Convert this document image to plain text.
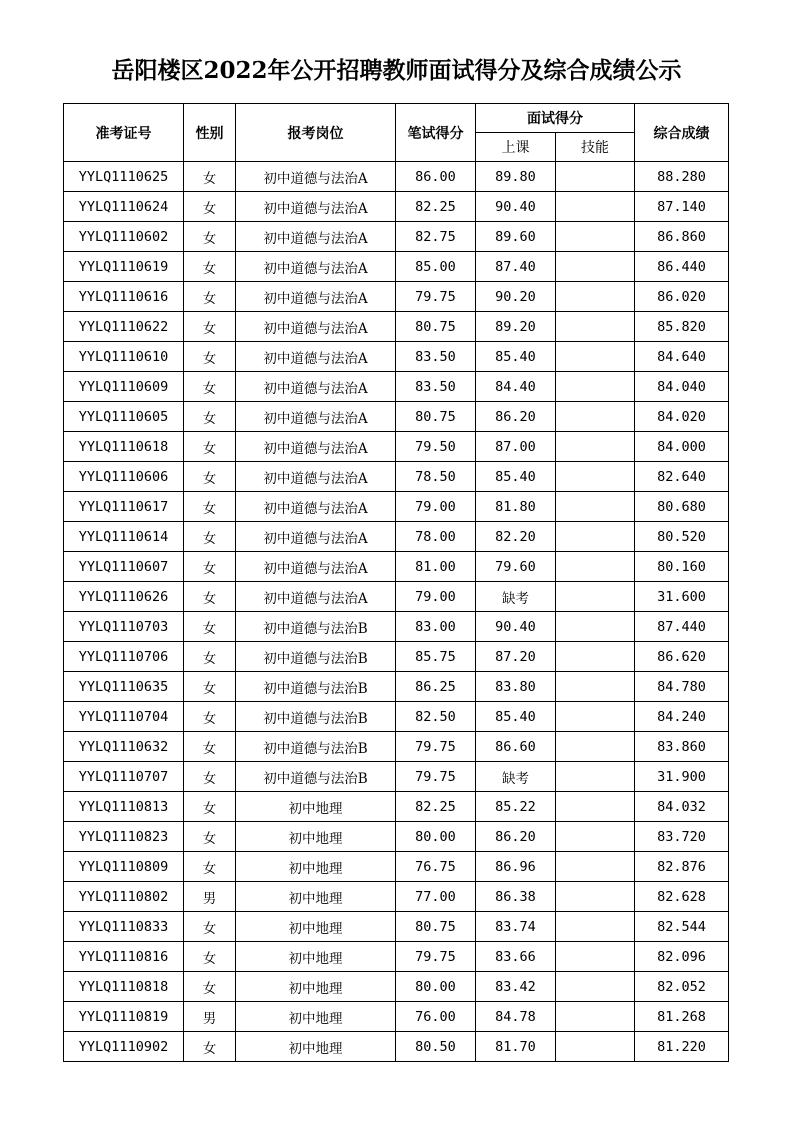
岳阳楼区2022年公开招聘教师面试得分及综合成绩公示
准考证号	性别	报考岗位	笔试得分	面试得分		综合成绩
				上课	技能	
YYLQ1110625	女	初中道德与法治A	86.00	89.80		88.280
YYLQ1110624	女	初中道德与法治A	82.25	90.40		87.140
YYLQ1110602	女	初中道德与法治A	82.75	89.60		86.860
YYLQ1110619	女	初中道德与法治A	85.00	87.40		86.440
YYLQ1110616	女	初中道德与法治A	79.75	90.20		86.020
YYLQ1110622	女	初中道德与法治A	80.75	89.20		85.820
YYLQ1110610	女	初中道德与法治A	83.50	85.40		84.640
YYLQ1110609	女	初中道德与法治A	83.50	84.40		84.040
YYLQ1110605	女	初中道德与法治A	80.75	86.20		84.020
YYLQ1110618	女	初中道德与法治A	79.50	87.00		84.000
YYLQ1110606	女	初中道德与法治A	78.50	85.40		82.640
YYLQ1110617	女	初中道德与法治A	79.00	81.80		80.680
YYLQ1110614	女	初中道德与法治A	78.00	82.20		80.520
YYLQ1110607	女	初中道德与法治A	81.00	79.60		80.160
YYLQ1110626	女	初中道德与法治A	79.00	缺考		31.600
YYLQ1110703	女	初中道德与法治B	83.00	90.40		87.440
YYLQ1110706	女	初中道德与法治B	85.75	87.20		86.620
YYLQ1110635	女	初中道德与法治B	86.25	83.80		84.780
YYLQ1110704	女	初中道德与法治B	82.50	85.40		84.240
YYLQ1110632	女	初中道德与法治B	79.75	86.60		83.860
YYLQ1110707	女	初中道德与法治B	79.75	缺考		31.900
YYLQ1110813	女	初中地理	82.25	85.22		84.032
YYLQ1110823	女	初中地理	80.00	86.20		83.720
YYLQ1110809	女	初中地理	76.75	86.96		82.876
YYLQ1110802	男	初中地理	77.00	86.38		82.628
YYLQ1110833	女	初中地理	80.75	83.74		82.544
YYLQ1110816	女	初中地理	79.75	83.66		82.096
YYLQ1110818	女	初中地理	80.00	83.42		82.052
YYLQ1110819	男	初中地理	76.00	84.78		81.268
YYLQ1110902	女	初中地理	80.50	81.70		81.220
